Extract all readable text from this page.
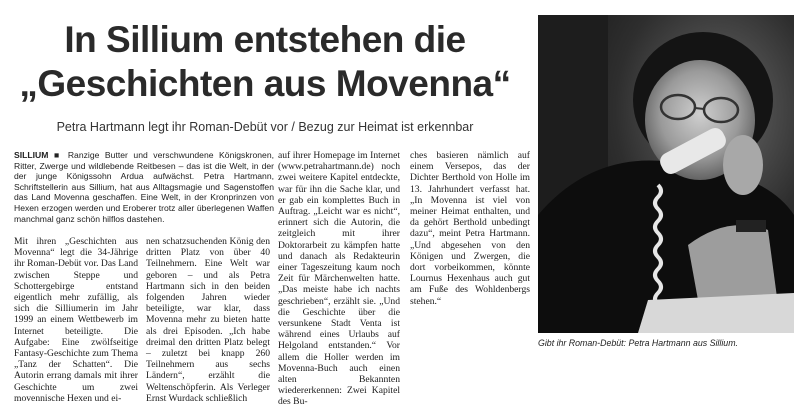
In Sillium entstehen die
„Geschichten aus Movenna“
Petra Hartmann legt ihr Roman-Debüt vor / Bezug zur Heimat ist erkennbar
SILLIUM ■ Ranzige Butter und verschwundene Königskronen, Ritter, Zwerge und wildlebende Reitbesen – das ist die Welt, in der der junge Königssohn Ardua aufwächst. Petra Hartmann, Schriftstellerin aus Sillium, hat aus Alltagsmagie und Sagenstoffen das Land Movenna geschaffen. Eine Welt, in der Kronprinzen von Hexen erzogen werden und Eroberer trotz aller überlegenen Waffen manchmal ganz schön hilflos dastehen.

Mit ihren „Geschichten aus Movenna“ legt die 34-Jährige ihr Roman-Debüt vor. Das Land zwischen Steppe und Schottergebirge entstand eigentlich mehr zufällig, als sich die Silliumerin im Jahr 1999 an einem Wettbewerb im Internet beteiligte. Die Aufgabe: Eine zwölfseitige Fantasy-Geschichte zum Thema „Tanz der Schatten“. Die Autorin errang damals mit ihrer Geschichte um zwei movennische Hexen und ei-

nen schatzsuchenden König den dritten Platz von über 40 Teilnehmern. Eine Welt war geboren – und als Petra Hartmann sich in den beiden folgenden Jahren wieder beteiligte, war klar, dass Movenna mehr zu bieten hatte als drei Episoden. „Ich habe dreimal den dritten Platz belegt – zuletzt bei knapp 260 Teilnehmern aus sechs Ländern“, erzählt die Weltenschöpferin. Als Verleger Ernst Wurdack schließlich

auf ihrer Homepage im Internet (www.petrahartmann.de) noch zwei weitere Kapitel entdeckte, war für ihn die Sache klar, und er gab ein komplettes Buch in Auftrag. „Leicht war es nicht“, erinnert sich die Autorin, die zeitgleich mit ihrer Doktorarbeit zu kämpfen hatte und danach als Redakteurin einer Tageszeitung kaum noch Zeit für Märchenwelten hatte. „Das meiste habe ich nachts geschrieben“, erzählt sie. „Und die Geschichte über die versunkene Stadt Venta ist während eines Urlaubs auf Helgoland entstanden.“ Vor allem die Holler werden im Movenna-Buch auch einen alten Bekannten wiedererkennen: Zwei Kapitel des Bu-

ches basieren nämlich auf einem Versepos, das der Dichter Berthold von Holle im 13. Jahrhundert verfasst hat. „In Movenna ist viel von meiner Heimat enthalten, und da gehört Berthold unbedingt dazu“, meint Petra Hartmann. „Und abgesehen von den Königen und Zwergen, die dort vorbeikommen, könnte Lournus Hexenhaus auch gut am Fuße des Wohldenbergs stehen.“

Gibt ihr Roman-Debüt: Petra Hartmann aus Sillium.
